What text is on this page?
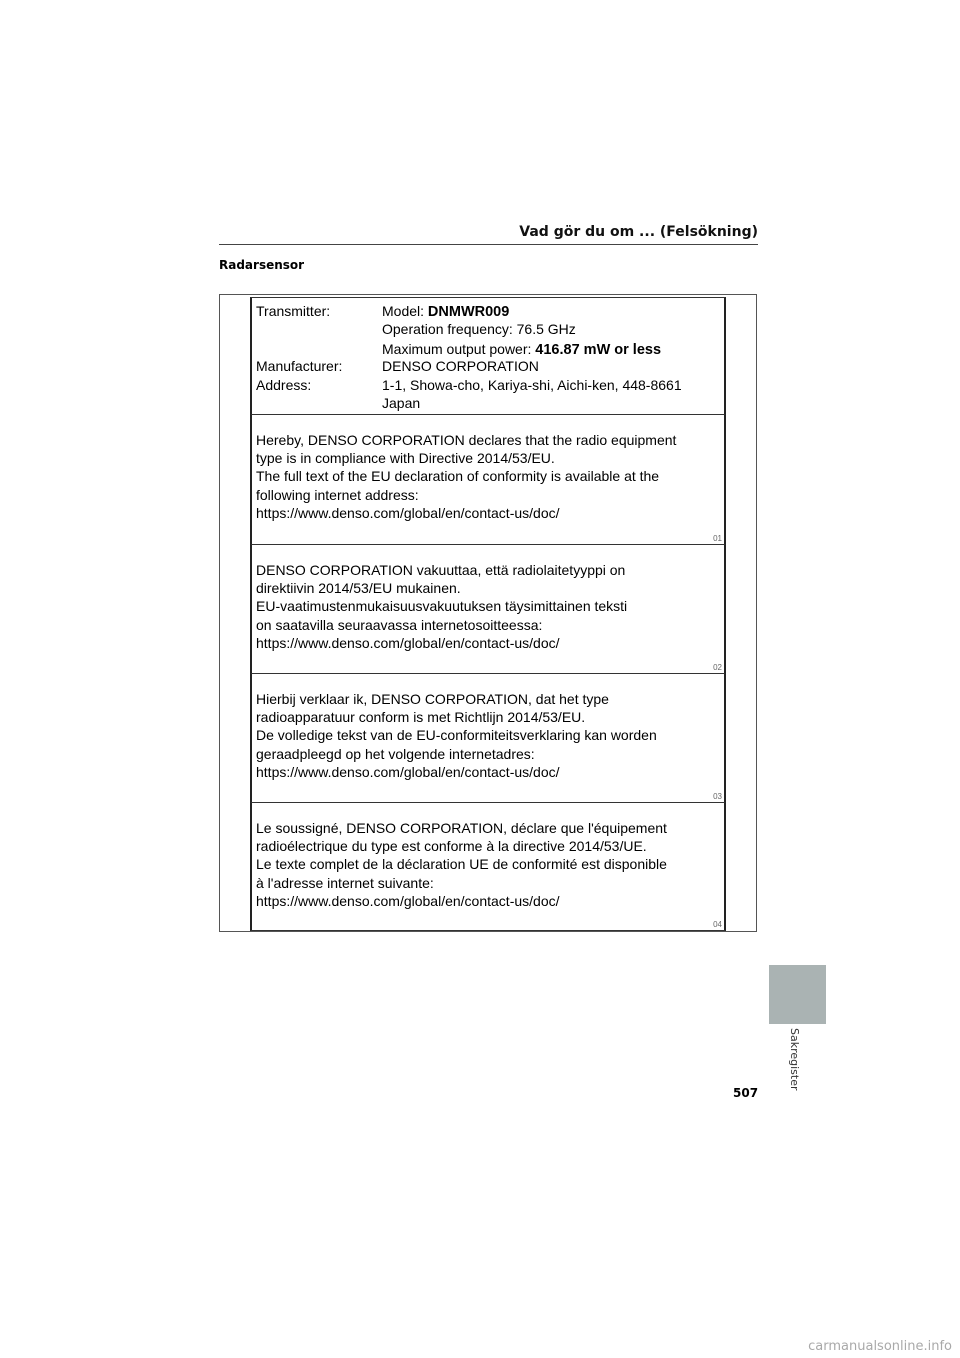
Vad gör du om ... (Felsökning)
Radarsensor
Transmitter:	Model: DNMWR009
Operation frequency: 76.5 GHz
Maximum output power: 416.87 mW or less
Manufacturer:	DENSO CORPORATION
Address:	1-1, Showa-cho, Kariya-shi, Aichi-ken, 448-8661
Japan
Hereby, DENSO CORPORATION declares that the radio equipment
type is in compliance with Directive 2014/53/EU.
The full text of the EU declaration of conformity is available at the
following internet address:
https://www.denso.com/global/en/contact-us/doc/
01
DENSO CORPORATION vakuuttaa, että radiolaitetyyppi on
direktiivin 2014/53/EU mukainen.
EU-vaatimustenmukaisuusvakuutuksen täysimittainen teksti
on saatavilla seuraavassa internetosoitteessa:
https://www.denso.com/global/en/contact-us/doc/
02
Hierbij verklaar ik, DENSO CORPORATION, dat het type
radioapparatuur conform is met Richtlijn 2014/53/EU.
De volledige tekst van de EU-conformiteitsverklaring kan worden
geraadpleegd op het volgende internetadres:
https://www.denso.com/global/en/contact-us/doc/
03
Le soussigné, DENSO CORPORATION, déclare que l'équipement
radioélectrique du type est conforme à la directive 2014/53/UE.
Le texte complet de la déclaration UE de conformité est disponible
à l'adresse internet suivante:
https://www.denso.com/global/en/contact-us/doc/
04
Sakregister
507
carmanualsonline.info
